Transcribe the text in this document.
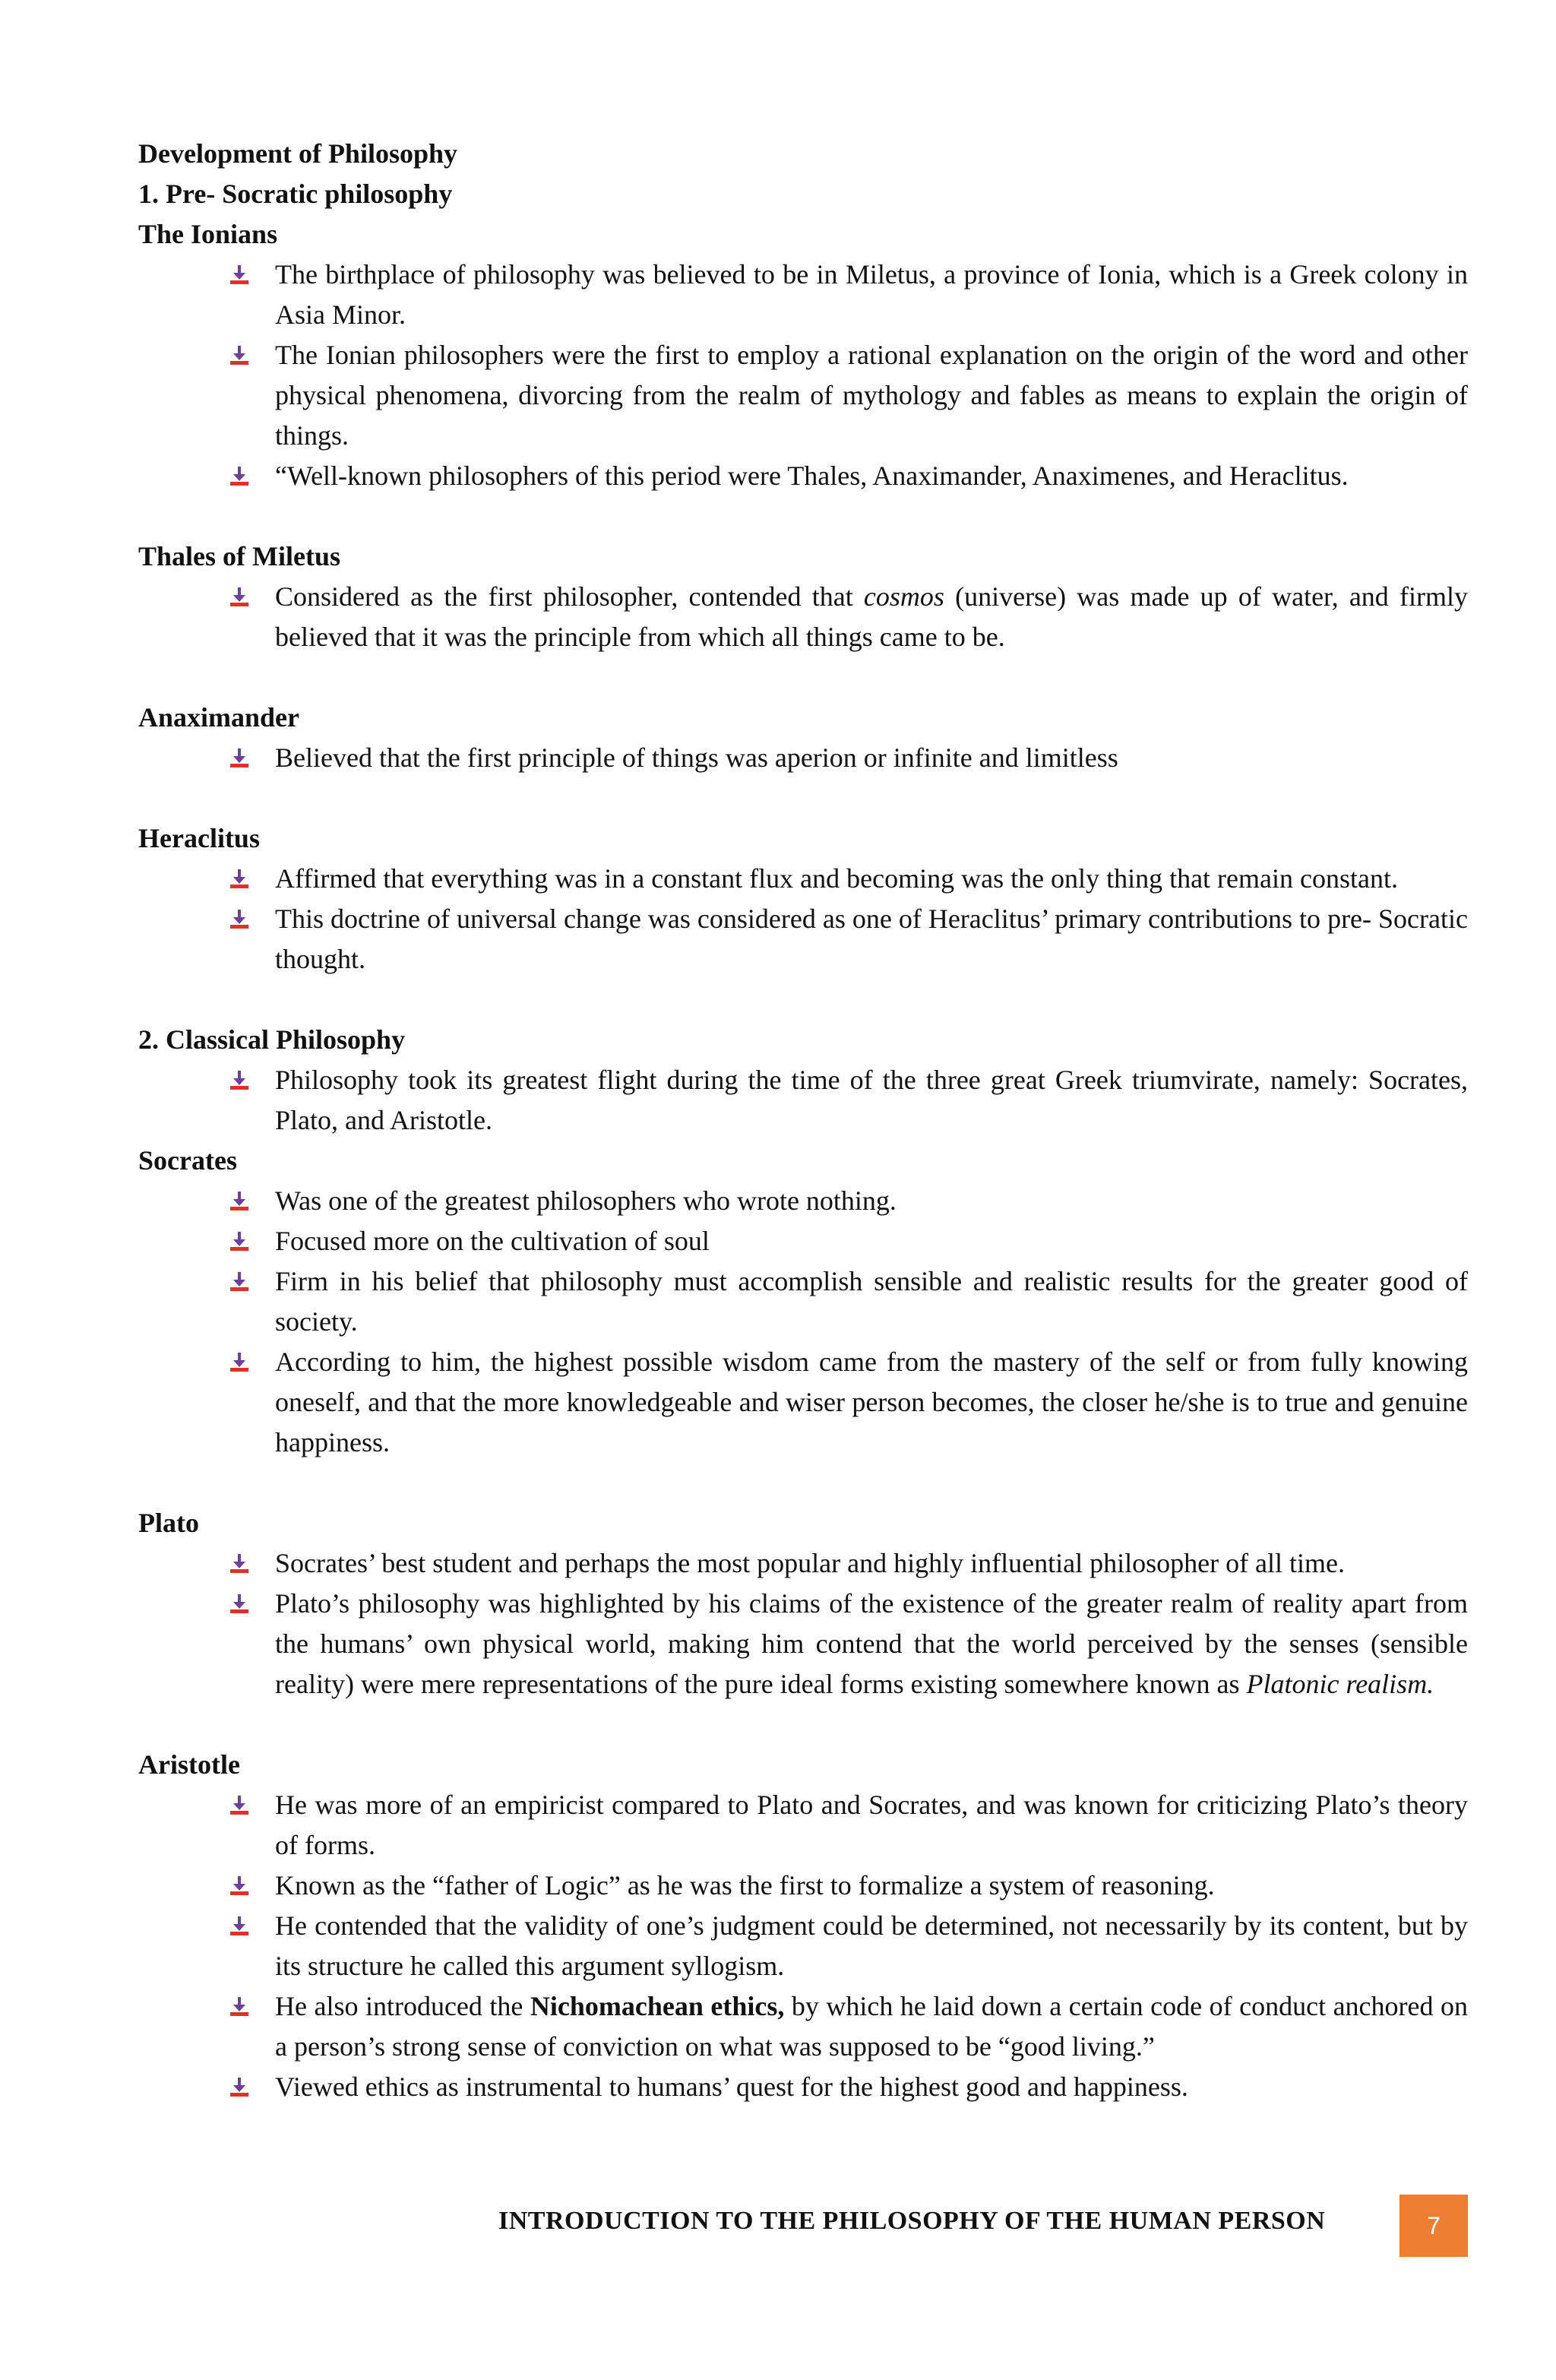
Development of Philosophy
1. Pre- Socratic philosophy
The Ionians
The birthplace of philosophy was believed to be in Miletus, a province of Ionia, which is a Greek colony in Asia Minor.
The Ionian philosophers were the first to employ a rational explanation on the origin of the word and other physical phenomena, divorcing from the realm of mythology and fables as means to explain the origin of things.
“Well-known philosophers of this period were Thales, Anaximander, Anaximenes, and Heraclitus.
Thales of Miletus
Considered as the first philosopher, contended that cosmos (universe) was made up of water, and firmly believed that it was the principle from which all things came to be.
Anaximander
Believed that the first principle of things was aperion or infinite and limitless
Heraclitus
Affirmed that everything was in a constant flux and becoming was the only thing that remain constant.
This doctrine of universal change was considered as one of Heraclitus’ primary contributions to pre- Socratic thought.
2. Classical Philosophy
Philosophy took its greatest flight during the time of the three great Greek triumvirate, namely: Socrates, Plato, and Aristotle.
Socrates
Was one of the greatest philosophers who wrote nothing.
Focused more on the cultivation of soul
Firm in his belief that philosophy must accomplish sensible and realistic results for the greater good of society.
According to him, the highest possible wisdom came from the mastery of the self or from fully knowing oneself, and that the more knowledgeable and wiser person becomes, the closer he/she is to true and genuine happiness.
Plato
Socrates’ best student and perhaps the most popular and highly influential philosopher of all time.
Plato’s philosophy was highlighted by his claims of the existence of the greater realm of reality apart from the humans’ own physical world, making him contend that the world perceived by the senses (sensible reality) were mere representations of the pure ideal forms existing somewhere known as Platonic realism.
Aristotle
He was more of an empiricist compared to Plato and Socrates, and was known for criticizing Plato’s theory of forms.
Known as the “father of Logic” as he was the first to formalize a system of reasoning.
He contended that the validity of one’s judgment could be determined, not necessarily by its content, but by its structure he called this argument syllogism.
He also introduced the Nichomachean ethics, by which he laid down a certain code of conduct anchored on a person’s strong sense of conviction on what was supposed to be “good living.”
Viewed ethics as instrumental to humans’ quest for the highest good and happiness.
INTRODUCTION TO THE PHILOSOPHY OF THE HUMAN PERSON	7
